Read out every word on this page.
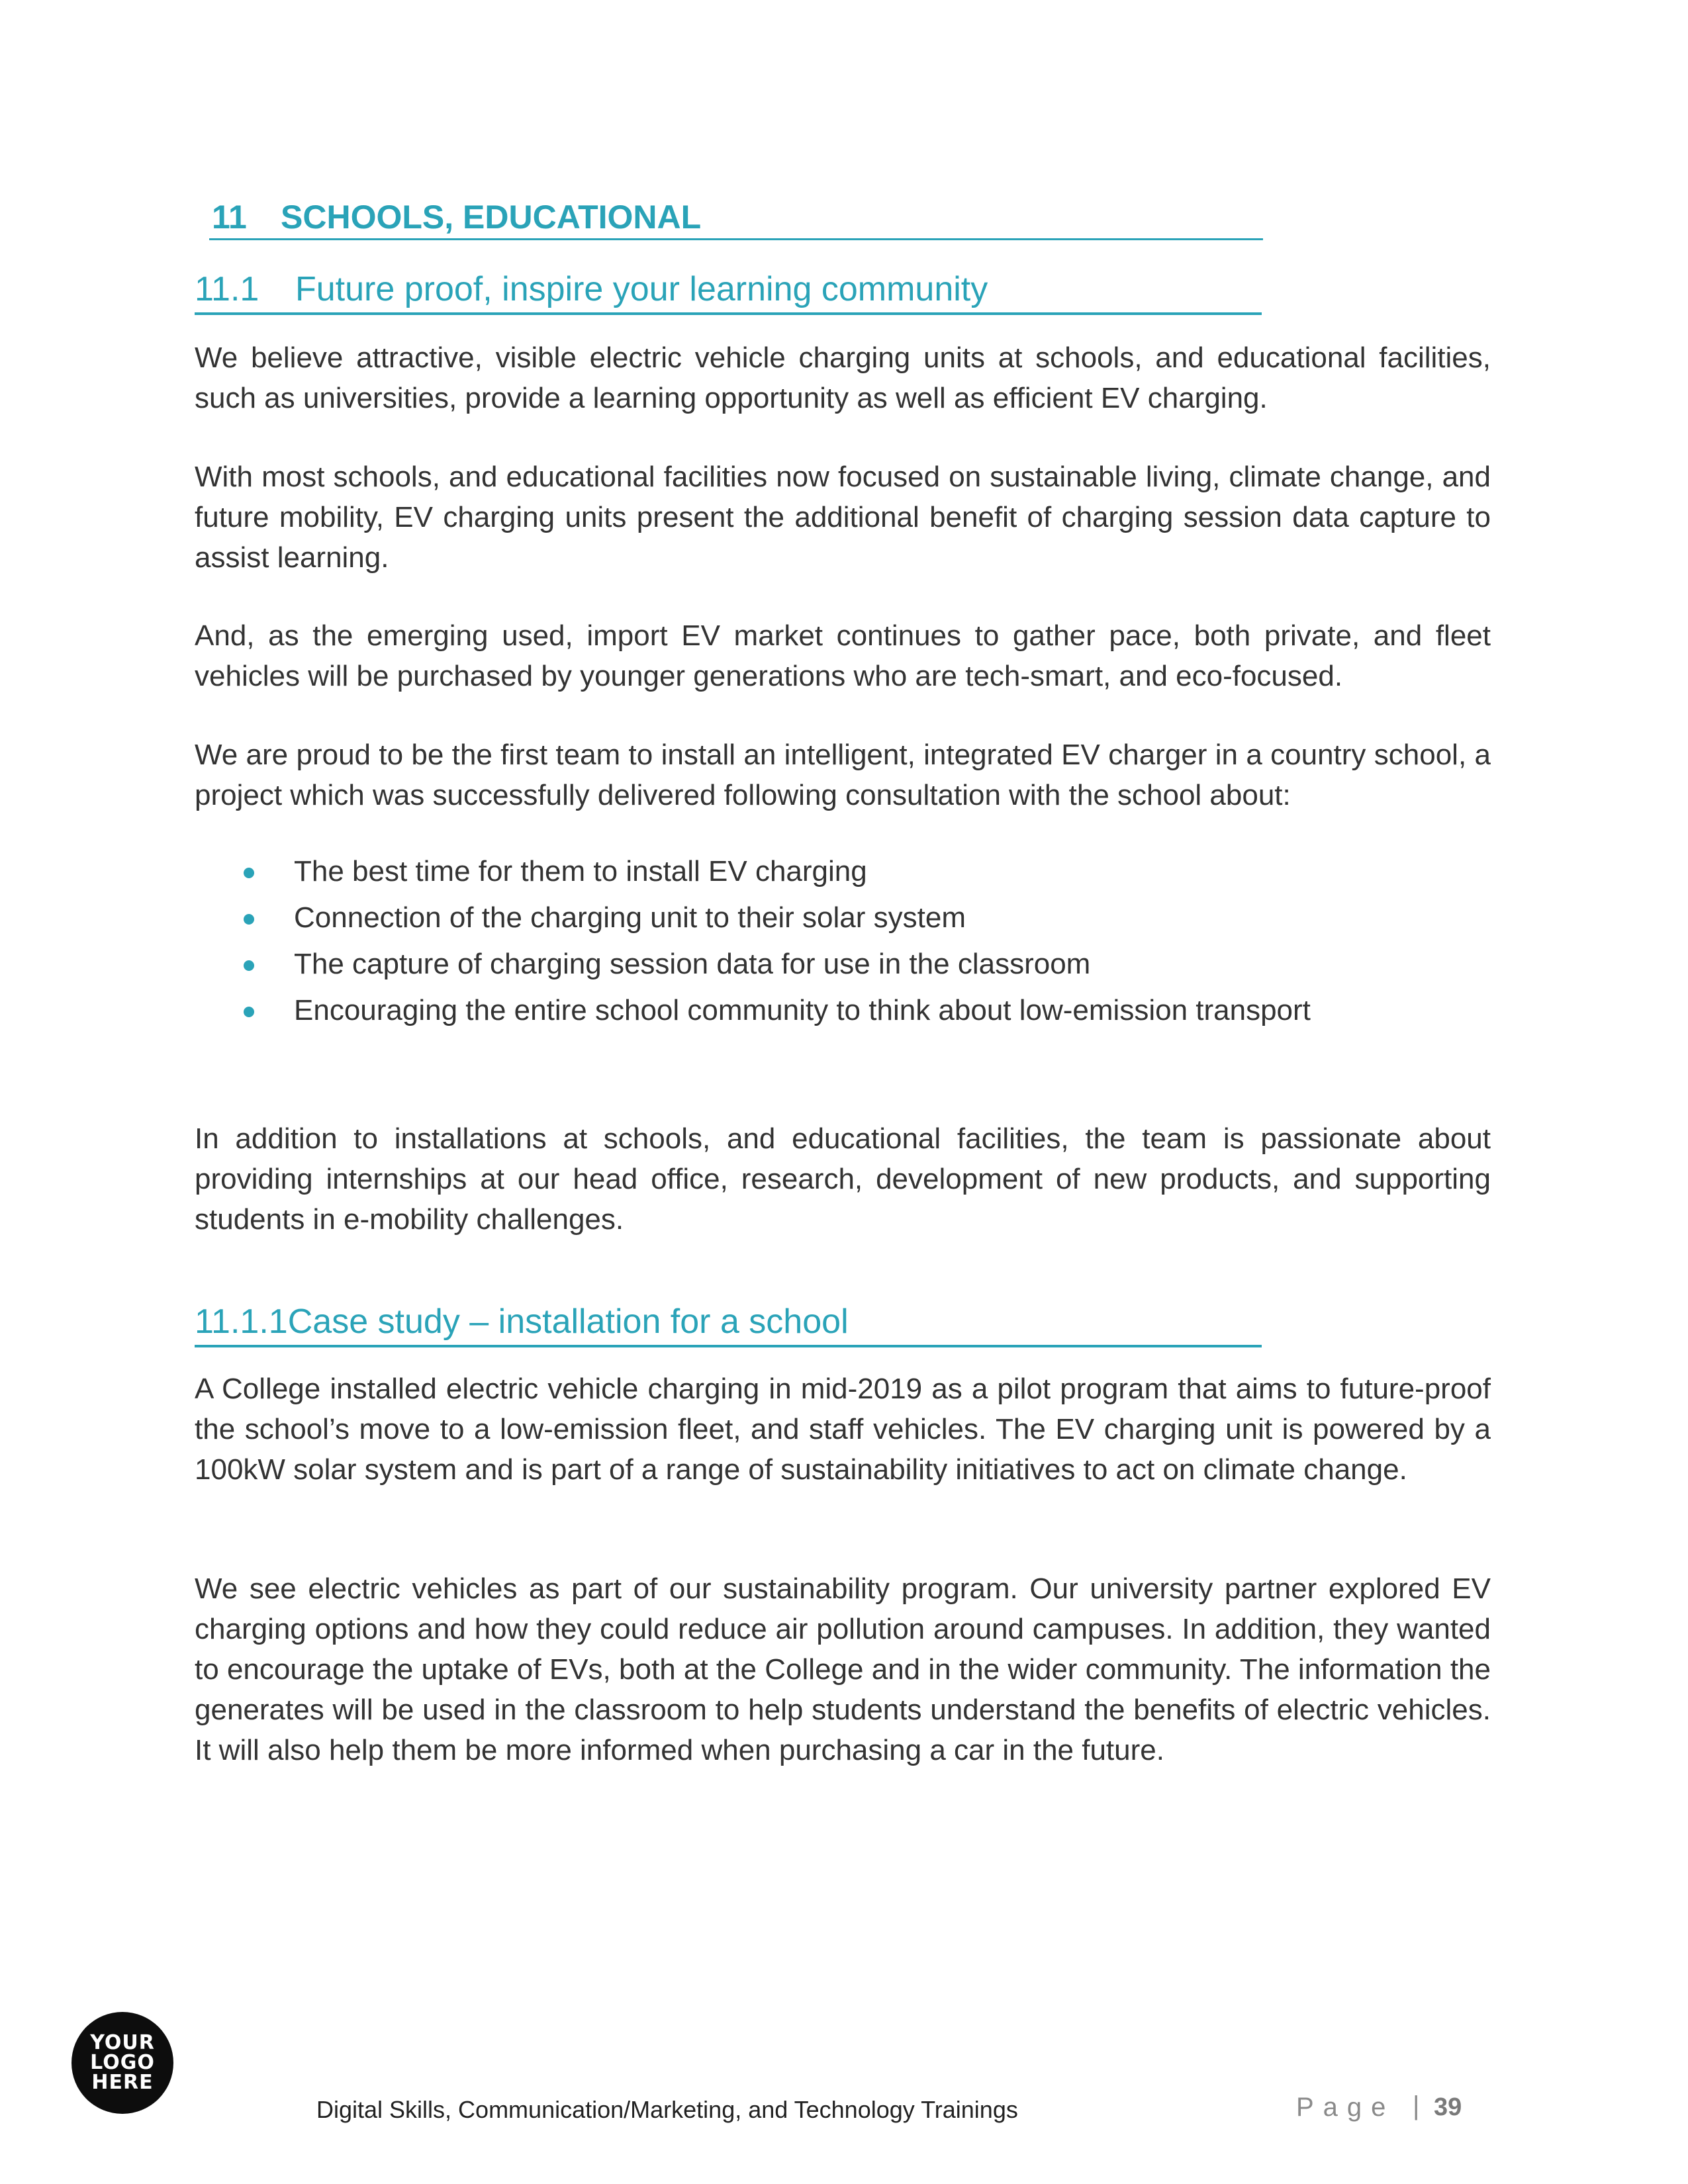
11 SCHOOLS, EDUCATIONAL
11.1 Future proof, inspire your learning community

We believe attractive, visible electric vehicle charging units at schools, and educational facilities, such as universities, provide a learning opportunity as well as efficient EV charging.

With most schools, and educational facilities now focused on sustainable living, climate change, and future mobility, EV charging units present the additional benefit of charging session data capture to assist learning.

And, as the emerging used, import EV market continues to gather pace, both private, and fleet vehicles will be purchased by younger generations who are tech-smart, and eco-focused.

We are proud to be the first team to install an intelligent, integrated EV charger in a country school, a project which was successfully delivered following consultation with the school about:

The best time for them to install EV charging
Connection of the charging unit to their solar system
The capture of charging session data for use in the classroom
Encouraging the entire school community to think about low-emission transport

In addition to installations at schools, and educational facilities, the team is passionate about providing internships at our head office, research, development of new products, and supporting students in e-mobility challenges.

11.1.1Case study – installation for a school

A College installed electric vehicle charging in mid-2019 as a pilot program that aims to future-proof the school’s move to a low-emission fleet, and staff vehicles. The EV charging unit is powered by a 100kW solar system and is part of a range of sustainability initiatives to act on climate change.

We see electric vehicles as part of our sustainability program. Our university partner explored EV charging options and how they could reduce air pollution around campuses. In addition, they wanted to encourage the uptake of EVs, both at the College and in the wider community. The information the generates will be used in the classroom to help students understand the benefits of electric vehicles. It will also help them be more informed when purchasing a car in the future.

YOUR
LOGO
HERE
Digital Skills, Communication/Marketing, and Technology Trainings	Page | 39
